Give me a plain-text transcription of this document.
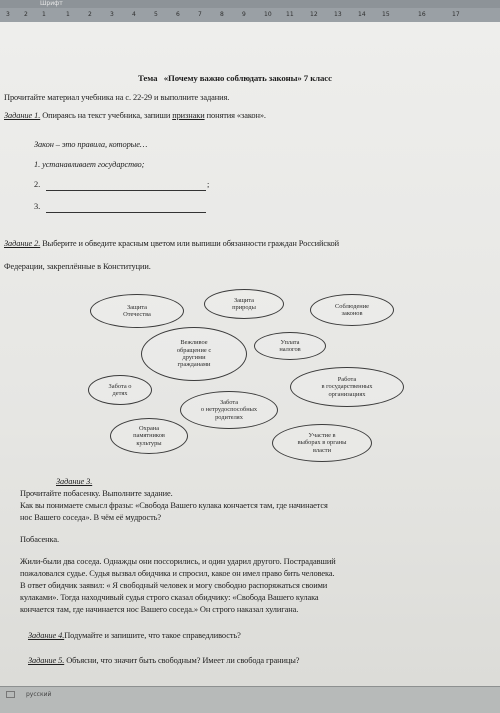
Шрифт
3 2 1	1	2	3	4	5	6	7	8	9	10 11	12	13	14	15	16	17
Тема «Почему важно соблюдать законы» 7 класс
Прочитайте материал учебника на с. 22-29 и выполните задания.
Задание 1. Опираясь на текст учебника, запиши признаки понятия «закон».
Закон – это правила, которые…
1. устанавливает государство;
2.	;
3.
Задание 2. Выберите и обведите красным цветом или выпиши обязанности граждан Российской
Федерации, закреплённые в Конституции.
Защита
Отечества
Защита
природы	Соблюдение
законов
Вежливое
обращение с
другими
гражданами
Уплата
налогов
Забота о
детях
Работа
в государственных
организациях
Забота
о нетрудоспособных
родителях
Охрана
памятников
культуры
Участие в
выборах в органы
власти
Задание 3.
Прочитайте побасенку. Выполните задание.
Как вы понимаете смысл фразы: «Свобода Вашего кулака кончается там, где начинается
нос Вашего соседа». В чём её мудрость?
Побасенка.
Жили-были два соседа. Однажды они поссорились, и один ударил другого. Пострадавший
пожаловался судье. Судья вызвал обидчика и спросил, какое он имел право бить человека.
В ответ обидчик заявил: « Я свободный человек и могу свободно распоряжаться своими
кулаками». Тогда находчивый судья строго сказал обидчику: «Свобода Вашего кулака
кончается там, где начинается нос Вашего соседа.» Он строго наказал хулигана.
Задание 4.Подумайте и запишите, что такое справедливость?
Задание 5. Объясни, что значит быть свободным? Имеет ли свобода границы?
русский
